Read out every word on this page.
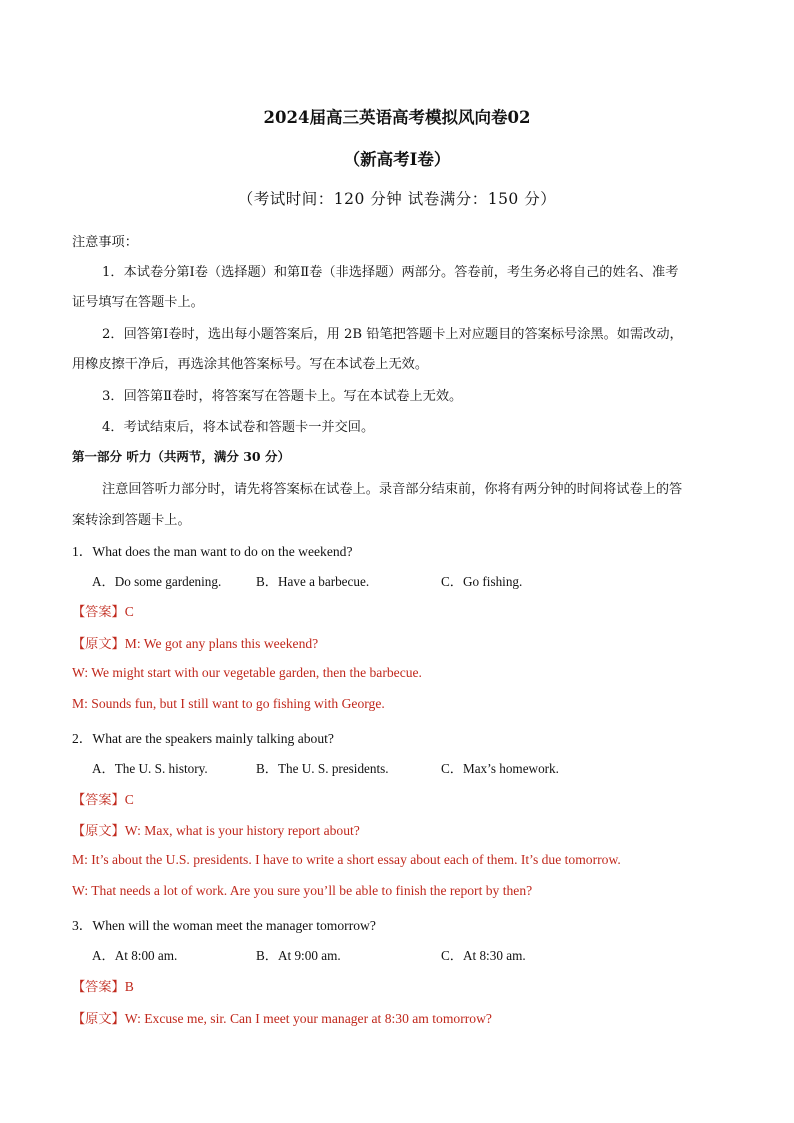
2024届高三英语高考模拟风向卷02
（新高考I卷）
（考试时间：120 分钟 试卷满分：150 分）
注意事项：
1．本试卷分第Ⅰ卷（选择题）和第Ⅱ卷（非选择题）两部分。答卷前，考生务必将自己的姓名、准考
证号填写在答题卡上。
2．回答第Ⅰ卷时，选出每小题答案后，用 2B 铅笔把答题卡上对应题目的答案标号涂黑。如需改动，
用橡皮擦干净后，再选涂其他答案标号。写在本试卷上无效。
3．回答第Ⅱ卷时，将答案写在答题卡上。写在本试卷上无效。
4．考试结束后，将本试卷和答题卡一并交回。
第一部分 听力（共两节，满分 30 分）
注意回答听力部分时，请先将答案标在试卷上。录音部分结束前，你将有两分钟的时间将试卷上的答
案转涂到答题卡上。
1．What does the man want to do on the weekend?
A．Do some gardening.	B．Have a barbecue.	C．Go fishing.
【答案】C
【原文】M: We got any plans this weekend?
W: We might start with our vegetable garden, then the barbecue.
M: Sounds fun, but I still want to go fishing with George.
2．What are the speakers mainly talking about?
A．The U. S. history.	B．The U. S. presidents.	C．Max’s homework.
【答案】C
【原文】W: Max, what is your history report about?
M: It’s about the U.S. presidents. I have to write a short essay about each of them. It’s due tomorrow.
W: That needs a lot of work. Are you sure you’ll be able to finish the report by then?
3．When will the woman meet the manager tomorrow?
A．At 8:00 am.	B．At 9:00 am.	C．At 8:30 am.
【答案】B
【原文】W: Excuse me, sir. Can I meet your manager at 8:30 am tomorrow?
